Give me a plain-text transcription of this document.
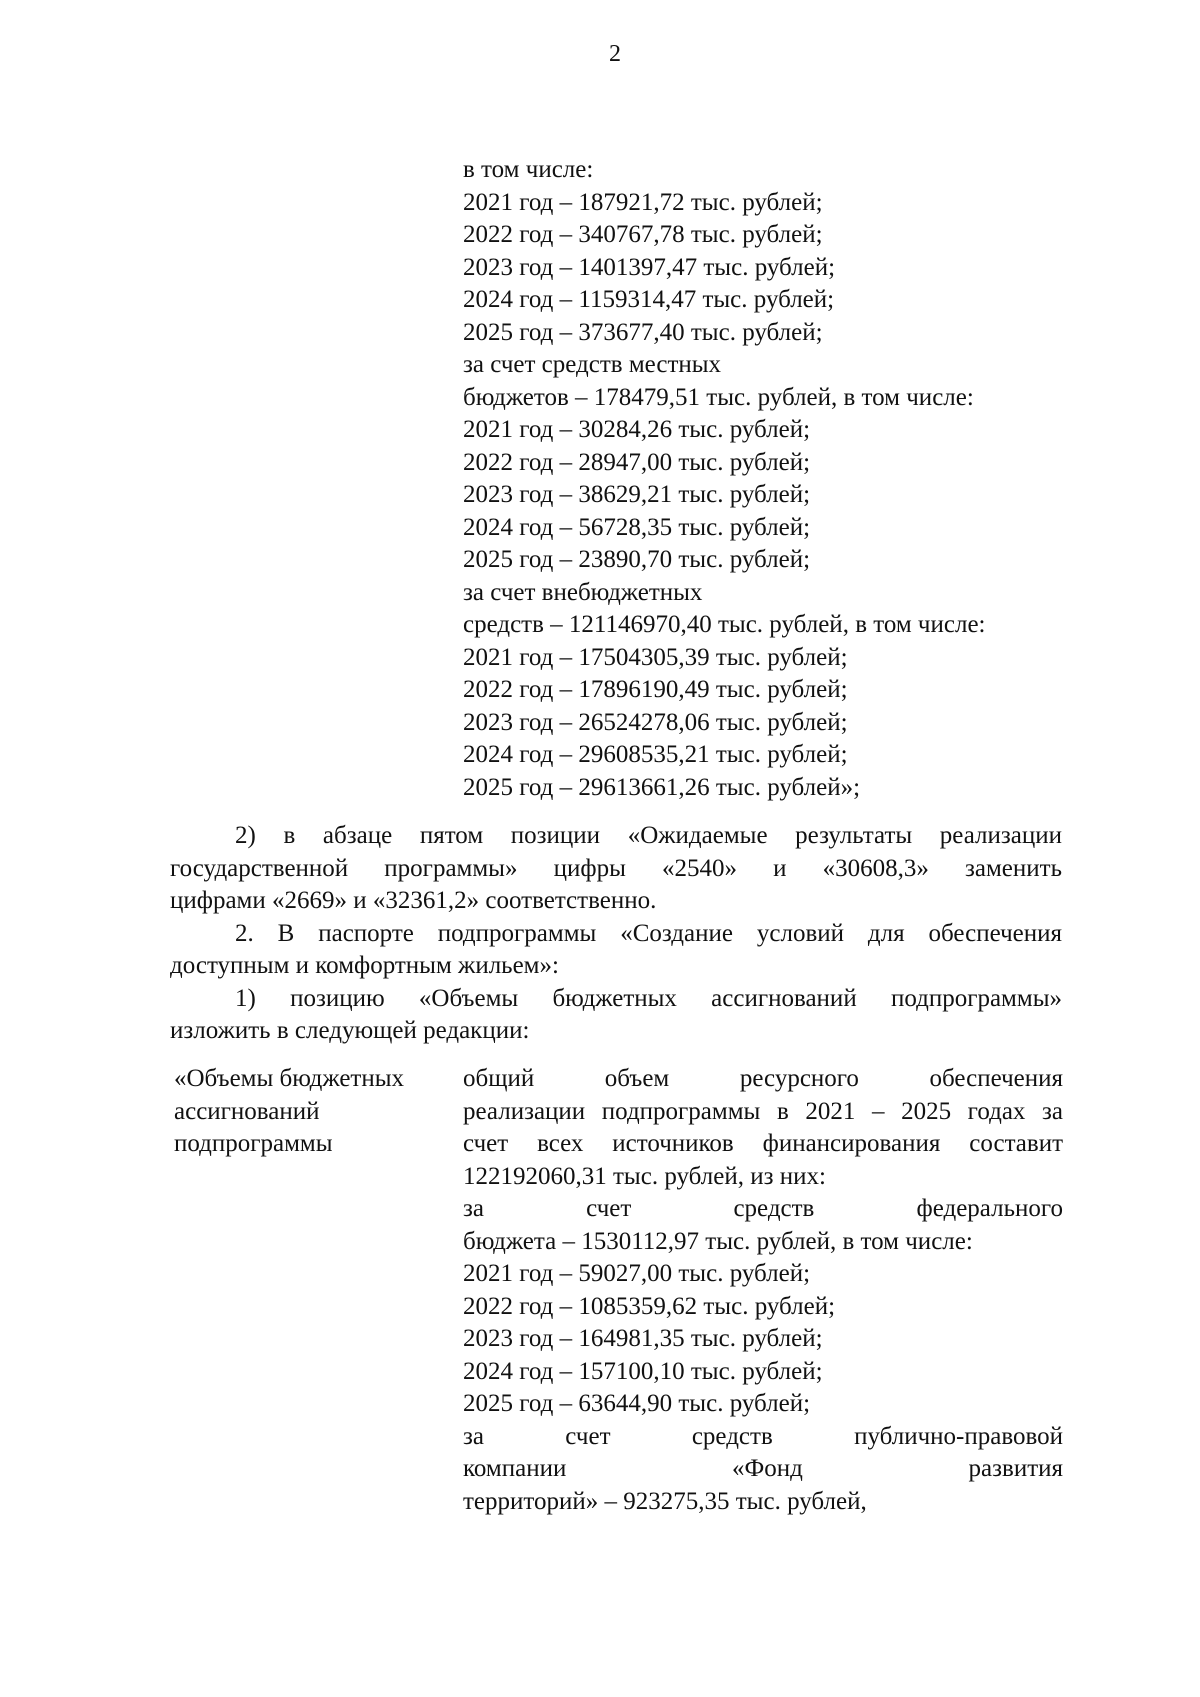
2
в том числе:
2021 год – 187921,72 тыс. рублей;
2022 год – 340767,78 тыс. рублей;
2023 год – 1401397,47 тыс. рублей;
2024 год – 1159314,47 тыс. рублей;
2025 год – 373677,40 тыс. рублей;
за счет средств местных
бюджетов – 178479,51 тыс. рублей, в том числе:
2021 год – 30284,26 тыс. рублей;
2022 год – 28947,00 тыс. рублей;
2023 год – 38629,21 тыс. рублей;
2024 год – 56728,35 тыс. рублей;
2025 год – 23890,70 тыс. рублей;
за счет внебюджетных
средств – 121146970,40 тыс. рублей, в том числе:
2021 год – 17504305,39 тыс. рублей;
2022 год – 17896190,49 тыс. рублей;
2023 год – 26524278,06 тыс. рублей;
2024 год – 29608535,21 тыс. рублей;
2025 год – 29613661,26 тыс. рублей»;
2) в абзаце пятом позиции «Ожидаемые результаты реализации
государственной программы» цифры «2540» и «30608,3» заменить
цифрами «2669» и «32361,2» соответственно.
2. В паспорте подпрограммы «Создание условий для обеспечения
доступным и комфортным жильем»:
1) позицию «Объемы бюджетных ассигнований подпрограммы»
изложить в следующей редакции:
«Объемы бюджетных
ассигнований
подпрограммы
общий объем ресурсного обеспечения
реализации подпрограммы в 2021 – 2025 годах за
счет всех источников финансирования составит
122192060,31 тыс. рублей, из них:
за счет средств федерального
бюджета – 1530112,97 тыс. рублей, в том числе:
2021 год – 59027,00 тыс. рублей;
2022 год – 1085359,62 тыс. рублей;
2023 год – 164981,35 тыс. рублей;
2024 год – 157100,10 тыс. рублей;
2025 год – 63644,90 тыс. рублей;
за счет средств публично-правовой
компании «Фонд развития
территорий» – 923275,35 тыс. рублей,
